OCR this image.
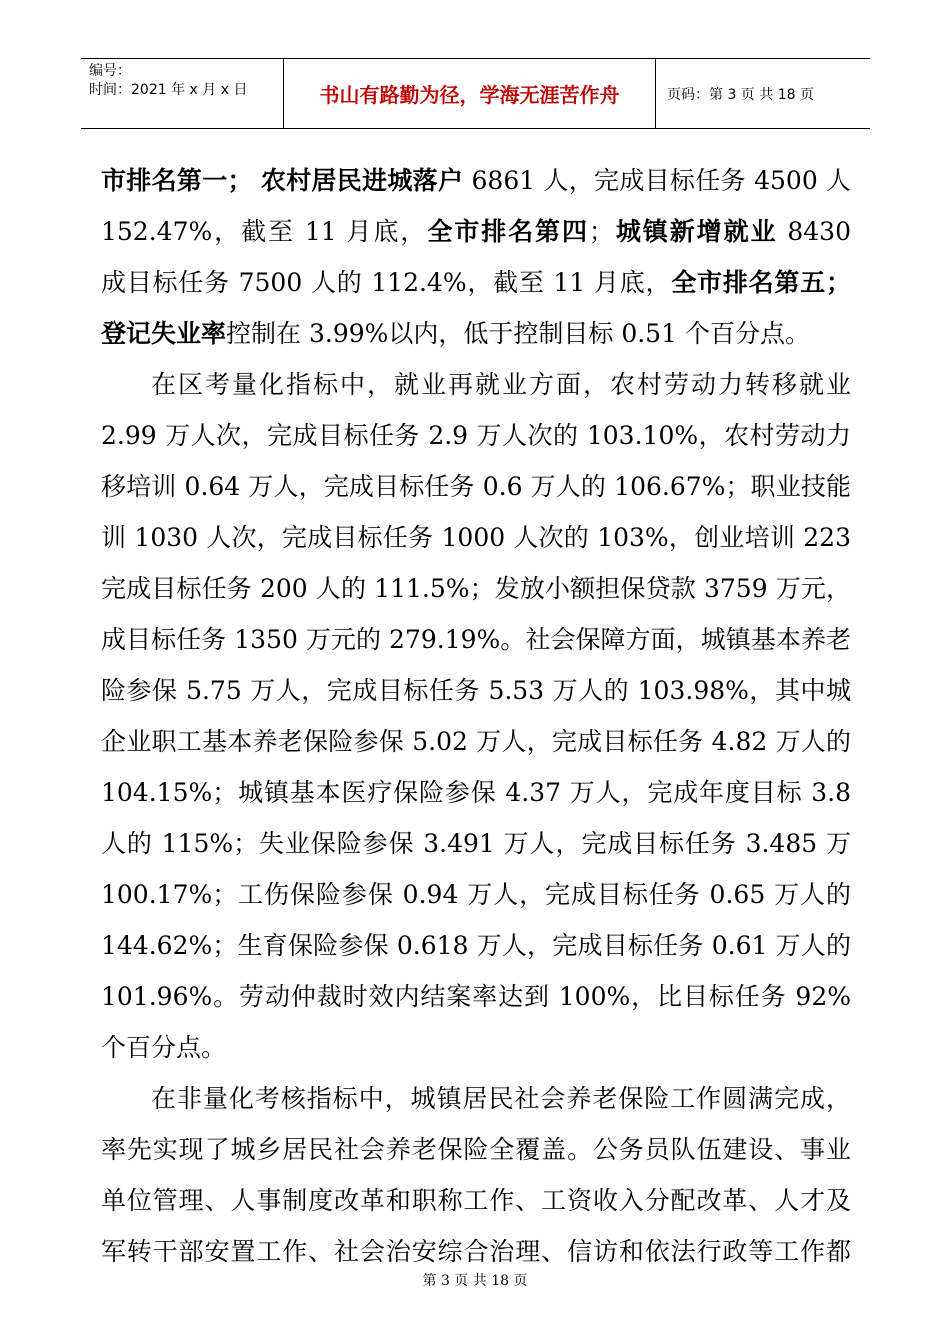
编号：
时间：2021 年 x 月 x 日	书山有路勤为径，学海无涯苦作舟	页码：第 3 页 共 18 页
市排名第一； 农村居民进城落户 6861 人，完成目标任务 4500 人
152.47%，截至 11 月底，全市排名第四；城镇新增就业 8430
成目标任务 7500 人的 112.4%，截至 11 月底，全市排名第五；
登记失业率控制在 3.99%以内，低于控制目标 0.51 个百分点。
在区考量化指标中，就业再就业方面，农村劳动力转移就业
2.99 万人次，完成目标任务 2.9 万人次的 103.10%，农村劳动力
移培训 0.64 万人，完成目标任务 0.6 万人的 106.67%；职业技能
训 1030 人次，完成目标任务 1000 人次的 103%，创业培训 223
完成目标任务 200 人的 111.5%；发放小额担保贷款 3759 万元，
成目标任务 1350 万元的 279.19%。社会保障方面，城镇基本养老
险参保 5.75 万人，完成目标任务 5.53 万人的 103.98%，其中城
企业职工基本养老保险参保 5.02 万人，完成目标任务 4.82 万人的
104.15%；城镇基本医疗保险参保 4.37 万人，完成年度目标 3.8
人的 115%；失业保险参保 3.491 万人，完成目标任务 3.485 万
100.17%；工伤保险参保 0.94 万人，完成目标任务 0.65 万人的
144.62%；生育保险参保 0.618 万人，完成目标任务 0.61 万人的
101.96%。劳动仲裁时效内结案率达到 100%，比目标任务 92%
个百分点。
在非量化考核指标中，城镇居民社会养老保险工作圆满完成，
率先实现了城乡居民社会养老保险全覆盖。公务员队伍建设、事业
单位管理、人事制度改革和职称工作、工资收入分配改革、人才及
军转干部安置工作、社会治安综合治理、信访和依法行政等工作都
第 3 页 共 18 页
